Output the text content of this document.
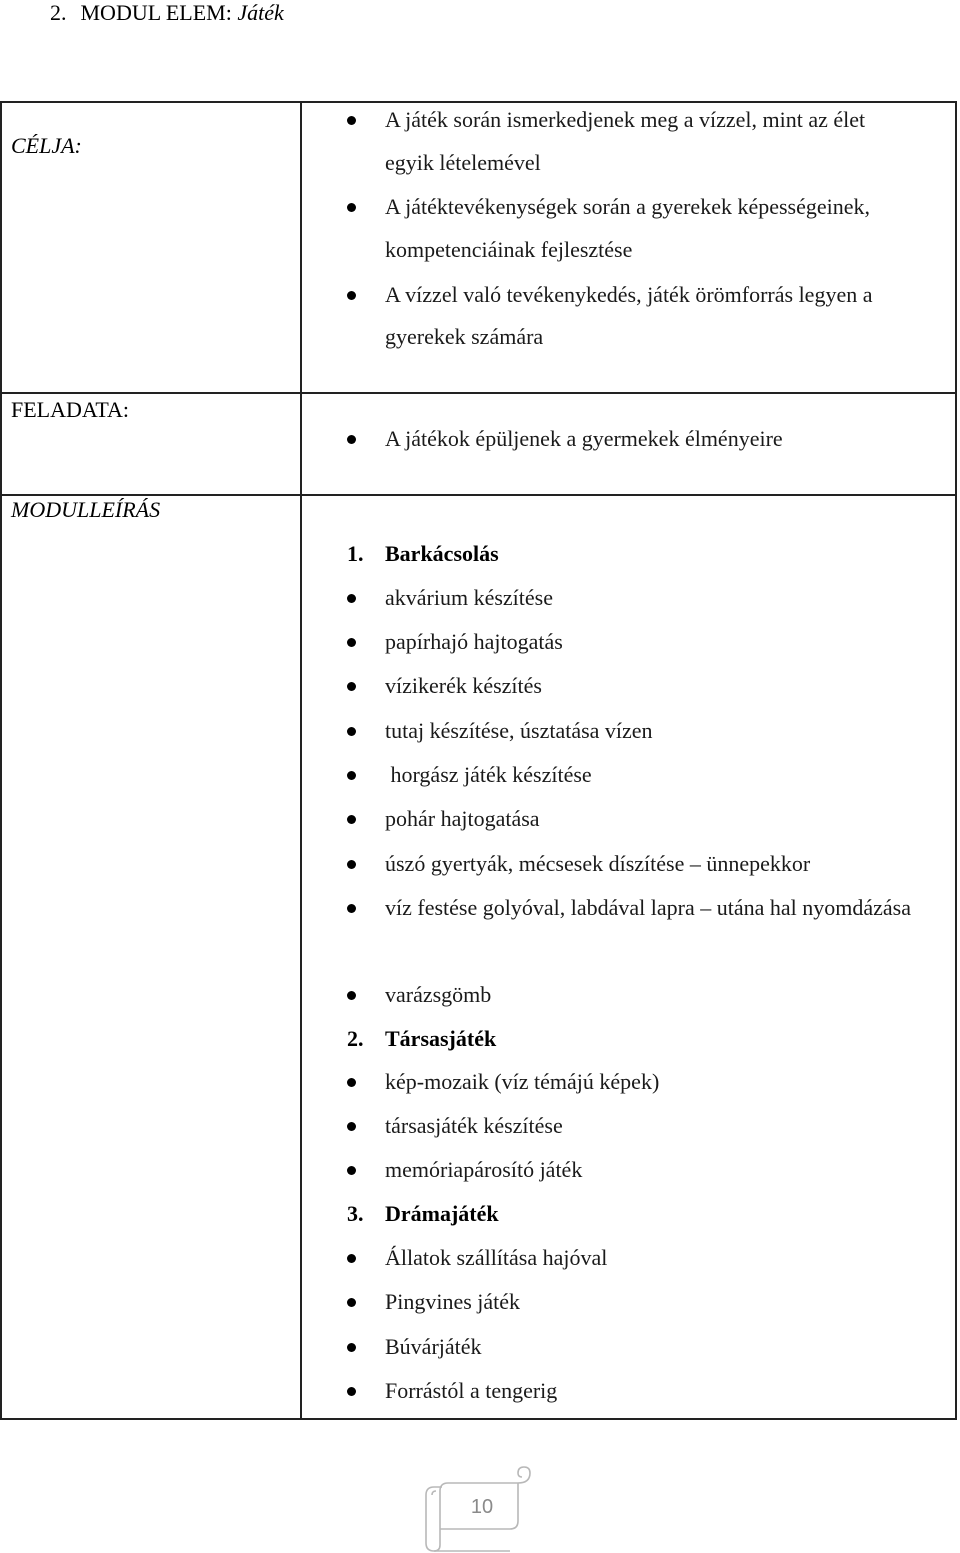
2. MODUL ELEM: Játék
CÉLJA:
A játék során ismerkedjenek meg a vízzel, mint az élet
egyik lételemével
A játéktevékenységek során a gyerekek képességeinek,
kompetenciáinak fejlesztése
A vízzel való tevékenykedés, játék örömforrás legyen a
gyerekek számára
FELADATA:
A játékok épüljenek a gyermekek élményeire
MODULLEÍRÁS
1. Barkácsolás
akvárium készítése
papírhajó hajtogatás
vízikerék készítés
tutaj készítése, úsztatása vízen
horgász játék készítése
pohár hajtogatása
úszó gyertyák, mécsesek díszítése – ünnepekkor
víz festése golyóval, labdával lapra – utána hal nyomdázása
varázsgömb
2. Társasjáték
kép-mozaik (víz témájú képek)
társasjáték készítése
memóriapárosító játék
3. Drámajáték
Állatok szállítása hajóval
Pingvines játék
Búvárjáték
Forrástól a tengerig
10
